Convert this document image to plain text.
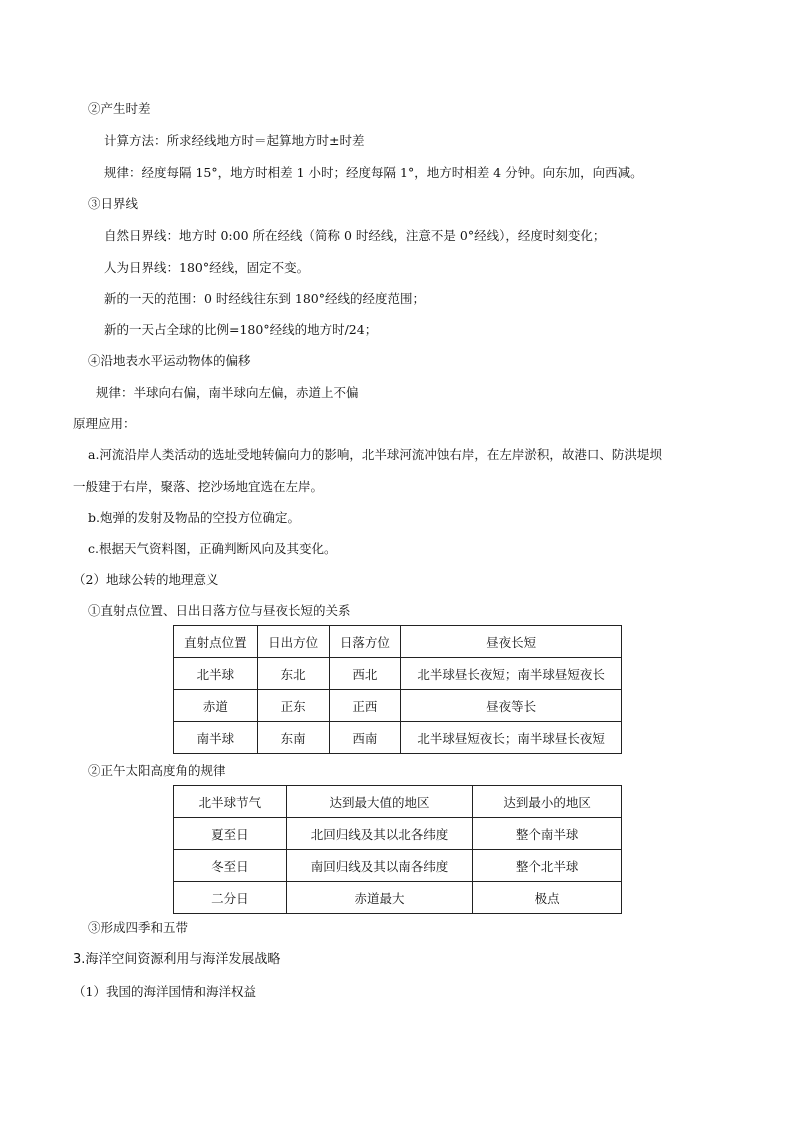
②产生时差
计算方法：所求经线地方时＝起算地方时±时差
规律：经度每隔 15°，地方时相差 1 小时；经度每隔 1°，地方时相差 4 分钟。向东加，向西减。
③日界线
自然日界线：地方时 0:00 所在经线（简称 0 时经线，注意不是 0°经线），经度时刻变化；
人为日界线：180°经线，固定不变。
新的一天的范围：0 时经线往东到 180°经线的经度范围；
新的一天占全球的比例=180°经线的地方时/24；
④沿地表水平运动物体的偏移
规律：半球向右偏，南半球向左偏，赤道上不偏
原理应用：
a.河流沿岸人类活动的选址受地转偏向力的影响，北半球河流冲蚀右岸，在左岸淤积，故港口、防洪堤坝
一般建于右岸，聚落、挖沙场地宜选在左岸。
b.炮弹的发射及物品的空投方位确定。
c.根据天气资料图，正确判断风向及其变化。
（2）地球公转的地理意义
①直射点位置、日出日落方位与昼夜长短的关系
直射点位置	日出方位	日落方位	昼夜长短
北半球	东北	西北	北半球昼长夜短；南半球昼短夜长
赤道	正东	正西	昼夜等长
南半球	东南	西南	北半球昼短夜长；南半球昼长夜短
②正午太阳高度角的规律
北半球节气	达到最大值的地区	达到最小的地区
夏至日	北回归线及其以北各纬度	整个南半球
冬至日	南回归线及其以南各纬度	整个北半球
二分日	赤道最大	极点
③形成四季和五带
3.海洋空间资源利用与海洋发展战略
（1）我国的海洋国情和海洋权益
